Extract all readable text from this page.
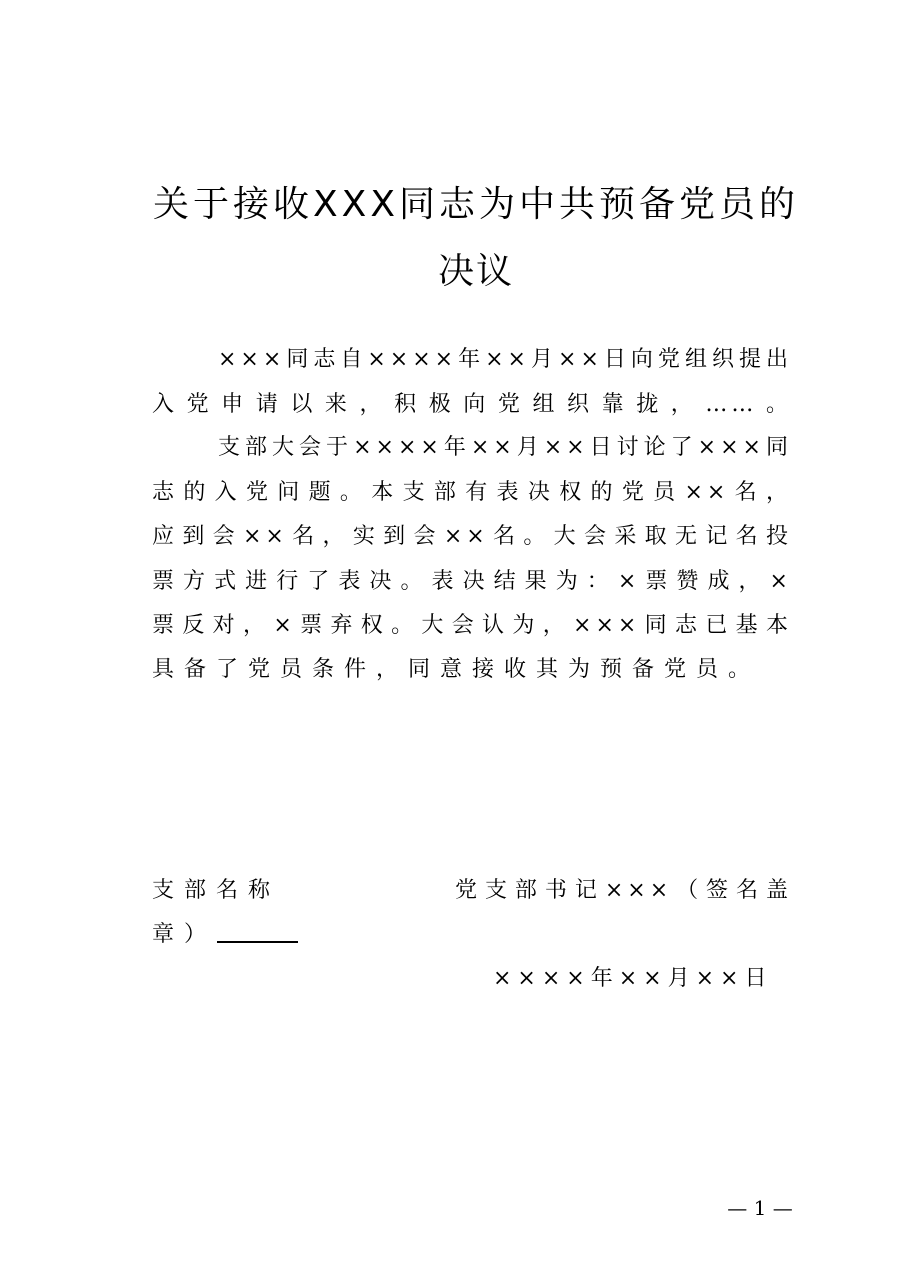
关于接收XXX同志为中共预备党员的
决议
×××同志自××××年××月××日向党组织提出
入党申请以来，积极向党组织靠拢，……。
支部大会于××××年××月××日讨论了×××同
志的入党问题。本支部有表决权的党员××名，
应到会××名，实到会××名。大会采取无记名投
票方式进行了表决。表决结果为：×票赞成，×
票反对，×票弃权。大会认为，×××同志已基本
具备了党员条件，同意接收其为预备党员。
支部名称	党支部书记×××（签名盖
章）
××××年××月××日
— 1 —
